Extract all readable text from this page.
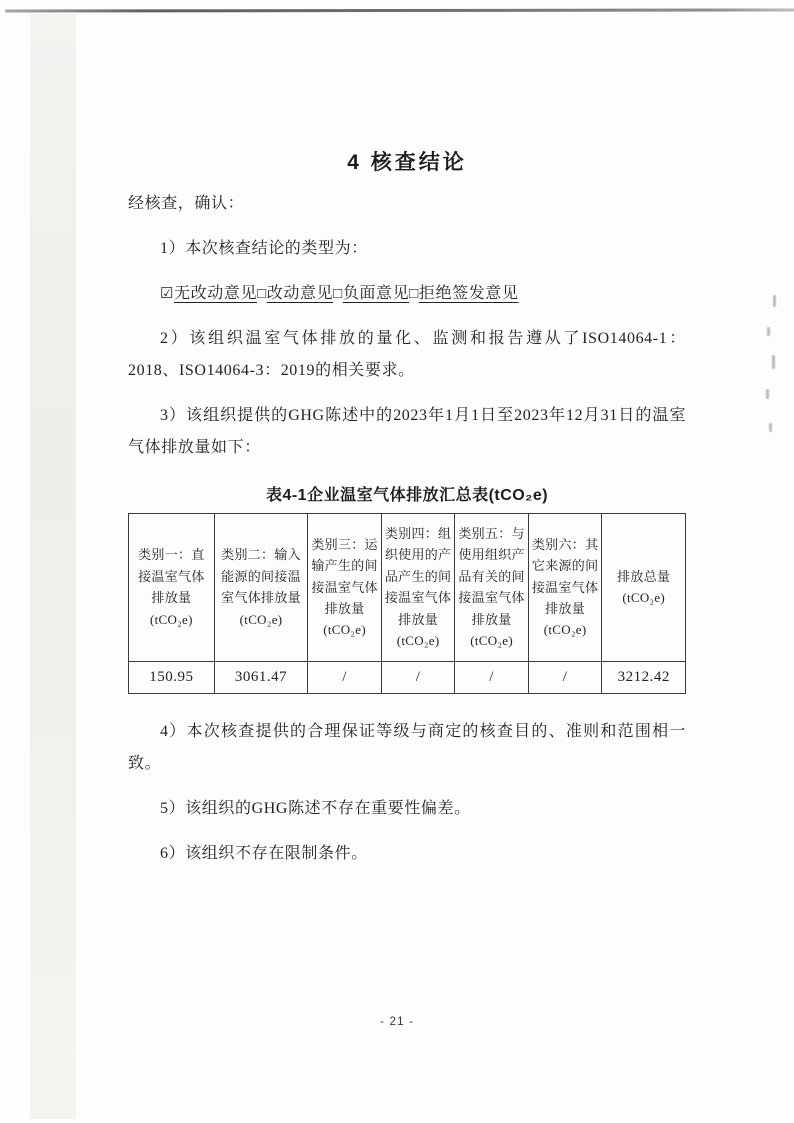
4 核查结论

经核查，确认：

1）本次核查结论的类型为：

☑无改动意见□改动意见□负面意见□拒绝签发意见

2）该组织温室气体排放的量化、监测和报告遵从了ISO14064-1：2018、ISO14064-3：2019的相关要求。

3）该组织提供的GHG陈述中的2023年1月1日至2023年12月31日的温室气体排放量如下：

表4-1企业温室气体排放汇总表(tCO₂e)
类别一：直接温室气体排放量(tCO₂e)	类别二：输入能源的间接温室气体排放量(tCO₂e)	类别三：运输产生的间接温室气体排放量(tCO₂e)	类别四：组织使用的产品产生的间接温室气体排放量(tCO₂e)	类别五：与使用组织产品有关的间接温室气体排放量(tCO₂e)	类别六：其它来源的间接温室气体排放量(tCO₂e)	排放总量(tCO₂e)
150.95	3061.47	/	/	/	/	3212.42

4）本次核查提供的合理保证等级与商定的核查目的、准则和范围相一致。

5）该组织的GHG陈述不存在重要性偏差。

6）该组织不存在限制条件。

- 21 -
